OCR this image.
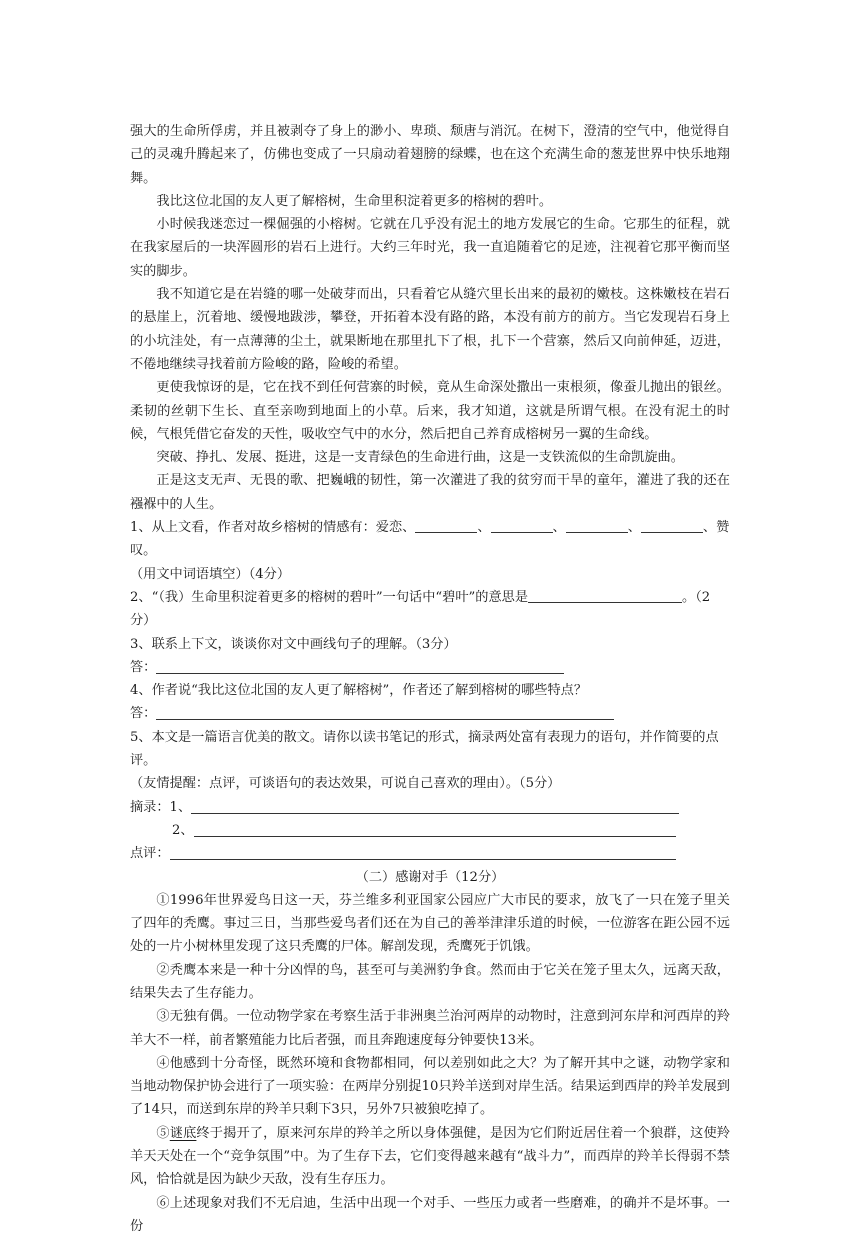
强大的生命所俘虏，并且被剥夺了身上的渺小、卑琐、颓唐与消沉。在树下，澄清的空气中，他觉得自己的灵魂升腾起来了，仿佛也变成了一只扇动着翅膀的绿蝶，也在这个充满生命的葱茏世界中快乐地翔舞。

我比这位北国的友人更了解榕树，生命里积淀着更多的榕树的碧叶。

小时候我迷恋过一棵倔强的小榕树。它就在几乎没有泥土的地方发展它的生命。它那生的征程，就在我家屋后的一块浑圆形的岩石上进行。大约三年时光，我一直追随着它的足迹，注视着它那平衡而坚实的脚步。

我不知道它是在岩缝的哪一处破芽而出，只看着它从缝穴里长出来的最初的嫩枝。这株嫩枝在岩石的悬崖上，沉着地、缓慢地跋涉，攀登，开拓着本没有路的路，本没有前方的前方。当它发现岩石身上的小坑洼处，有一点薄薄的尘土，就果断地在那里扎下了根，扎下一个营寨，然后又向前伸延，迈进，不倦地继续寻找着前方险峻的路，险峻的希望。

更使我惊讶的是，它在找不到任何营寨的时候，竟从生命深处撒出一束根须，像蚕儿抛出的银丝。柔韧的丝朝下生长、直至亲吻到地面上的小草。后来，我才知道，这就是所谓气根。在没有泥土的时候，气根凭借它奋发的天性，吸收空气中的水分，然后把自己养育成榕树另一翼的生命线。

突破、挣扎、发展、挺进，这是一支青绿色的生命进行曲，这是一支铁流似的生命凯旋曲。

正是这支无声、无畏的歌、把巍峨的韧性，第一次灌进了我的贫穷而干旱的童年，灌进了我的还在襁褓中的人生。

1、从上文看，作者对故乡榕树的情感有：爱恋、	、	、	、	、赞叹。

（用文中词语填空）（4分）

2、“（我）生命里积淀着更多的榕树的碧叶”一句话中“碧叶”的意思是	。（2

分）

3、联系上下文，谈谈你对文中画线句子的理解。（3分）

答：

4、作者说“我比这位北国的友人更了解榕树”，作者还了解到榕树的哪些特点？

答：

5、本文是一篇语言优美的散文。请你以读书笔记的形式，摘录两处富有表现力的语句，并作简要的点评。

（友情提醒：点评，可谈语句的表达效果，可说自己喜欢的理由）。（5分）

摘录：1、

2、

点评：

（二）感谢对手（12分）

①1996年世界爱鸟日这一天，芬兰维多利亚国家公园应广大市民的要求，放飞了一只在笼子里关了四年的秃鹰。事过三日，当那些爱鸟者们还在为自己的善举津津乐道的时候，一位游客在距公园不远处的一片小树林里发现了这只秃鹰的尸体。解剖发现，秃鹰死于饥饿。

②秃鹰本来是一种十分凶悍的鸟，甚至可与美洲豹争食。然而由于它关在笼子里太久，远离天敌，结果失去了生存能力。

③无独有偶。一位动物学家在考察生活于非洲奥兰治河两岸的动物时，注意到河东岸和河西岸的羚羊大不一样，前者繁殖能力比后者强，而且奔跑速度每分钟要快13米。

④他感到十分奇怪，既然环境和食物都相同，何以差别如此之大？为了解开其中之谜，动物学家和当地动物保护协会进行了一项实验：在两岸分别捉10只羚羊送到对岸生活。结果运到西岸的羚羊发展到了14只，而送到东岸的羚羊只剩下3只，另外7只被狼吃掉了。

⑤谜底终于揭开了，原来河东岸的羚羊之所以身体强健，是因为它们附近居住着一个狼群，这使羚羊天天处在一个“竞争氛围”中。为了生存下去，它们变得越来越有“战斗力”，而西岸的羚羊长得弱不禁风，恰恰就是因为缺少天敌，没有生存压力。

⑥上述现象对我们不无启迪，生活中出现一个对手、一些压力或者一些磨难，的确并不是坏事。一份
